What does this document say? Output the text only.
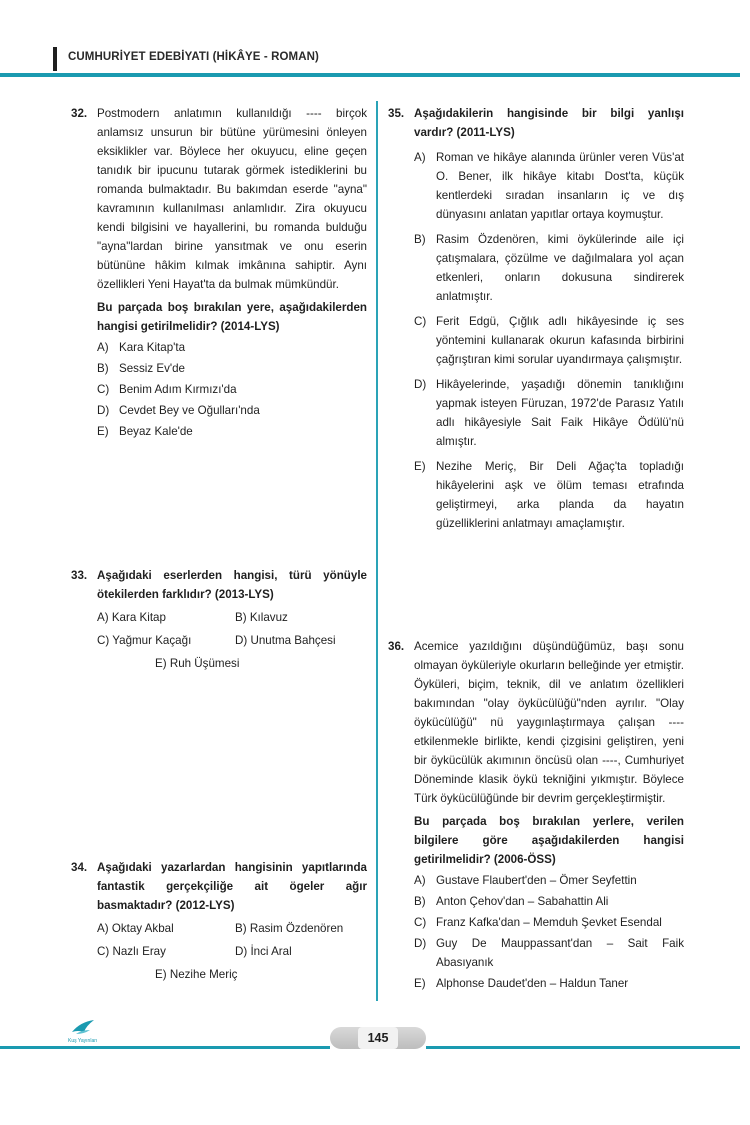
CUMHURİYET EDEBİYATI (HİKÂYE - ROMAN)
32. Postmodern anlatımın kullanıldığı ---- birçok anlamsız unsurun bir bütüne yürümesini önleyen eksiklikler var. Böylece her okuyucu, eline geçen tanıdık bir ipucunu tutarak görmek istediklerini bu romanda bulmaktadır. Bu bakımdan eserde "ayna" kavramının kullanılması anlamlıdır. Zira okuyucu kendi bilgisini ve hayallerini, bu romanda bulduğu "ayna"lardan birine yansıtmak ve onu eserin bütününe hâkim kılmak imkânına sahiptir. Aynı özellikleri Yeni Hayat'ta da bulmak mümkündür.

Bu parçada boş bırakılan yere, aşağıdakilerden hangisi getirilmelidir? (2014-LYS)

A) Kara Kitap'ta
B) Sessiz Ev'de
C) Benim Adım Kırmızı'da
D) Cevdet Bey ve Oğulları'nda
E) Beyaz Kale'de
33. Aşağıdaki eserlerden hangisi, türü yönüyle ötekilerden farklıdır? (2013-LYS)

A) Kara Kitap	B) Kılavuz
C) Yağmur Kaçağı	D) Unutma Bahçesi
E) Ruh Üşümesi
34. Aşağıdaki yazarlardan hangisinin yapıtlarında fantastik gerçekçiliğe ait ögeler ağır basmaktadır? (2012-LYS)

A) Oktay Akbal	B) Rasim Özdenören
C) Nazlı Eray	D) İnci Aral
E) Nezihe Meriç
35. Aşağıdakilerin hangisinde bir bilgi yanlışı vardır? (2011-LYS)

A) Roman ve hikâye alanında ürünler veren Vüs'at O. Bener, ilk hikâye kitabı Dost'ta, küçük kentlerdeki sıradan insanların iç ve dış dünyasını anlatan yapıtlar ortaya koymuştur.
B) Rasim Özdenören, kimi öykülerinde aile içi çatışmalara, çözülme ve dağılmalara yol açan etkenleri, onların dokusuna sindirerek anlatmıştır.
C) Ferit Edgü, Çığlık adlı hikâyesinde iç ses yöntemini kullanarak okurun kafasında birbirini çağrıştıran kimi sorular uyandırmaya çalışmıştır.
D) Hikâyelerinde, yaşadığı dönemin tanıklığını yapmak isteyen Füruzan, 1972'de Parasız Yatılı adlı hikâyesiyle Sait Faik Hikâye Ödülü'nü almıştır.
E) Nezihe Meriç, Bir Deli Ağaç'ta topladığı hikâyelerini aşk ve ölüm teması etrafında geliştirmeyi, arka planda da hayatın güzelliklerini anlatmayı amaçlamıştır.
36. Acemice yazıldığını düşündüğümüz, başı sonu olmayan öyküleriyle okurların belleğinde yer etmiştir. Öyküleri, biçim, teknik, dil ve anlatım özellikleri bakımından "olay öykücülüğü"nden ayrılır. "Olay öykücülüğü" nü yaygınlaştırmaya çalışan ---- etkilenmekle birlikte, kendi çizgisini geliştiren, yeni bir öykücülük akımının öncüsü olan ----, Cumhuriyet Döneminde klasik öykü tekniğini yıkmıştır. Böylece Türk öykücülüğünde bir devrim gerçekleştirmiştir.

Bu parçada boş bırakılan yerlere, verilen bilgilere göre aşağıdakilerden hangisi getirilmelidir? (2006-ÖSS)

A) Gustave Flaubert'den – Ömer Seyfettin
B) Anton Çehov'dan – Sabahattin Ali
C) Franz Kafka'dan – Memduh Şevket Esendal
D) Guy De Mauppassant'dan – Sait Faik Abasıyanık
E) Alphonse Daudet'den – Haldun Taner
Kuş Yayınları	145
